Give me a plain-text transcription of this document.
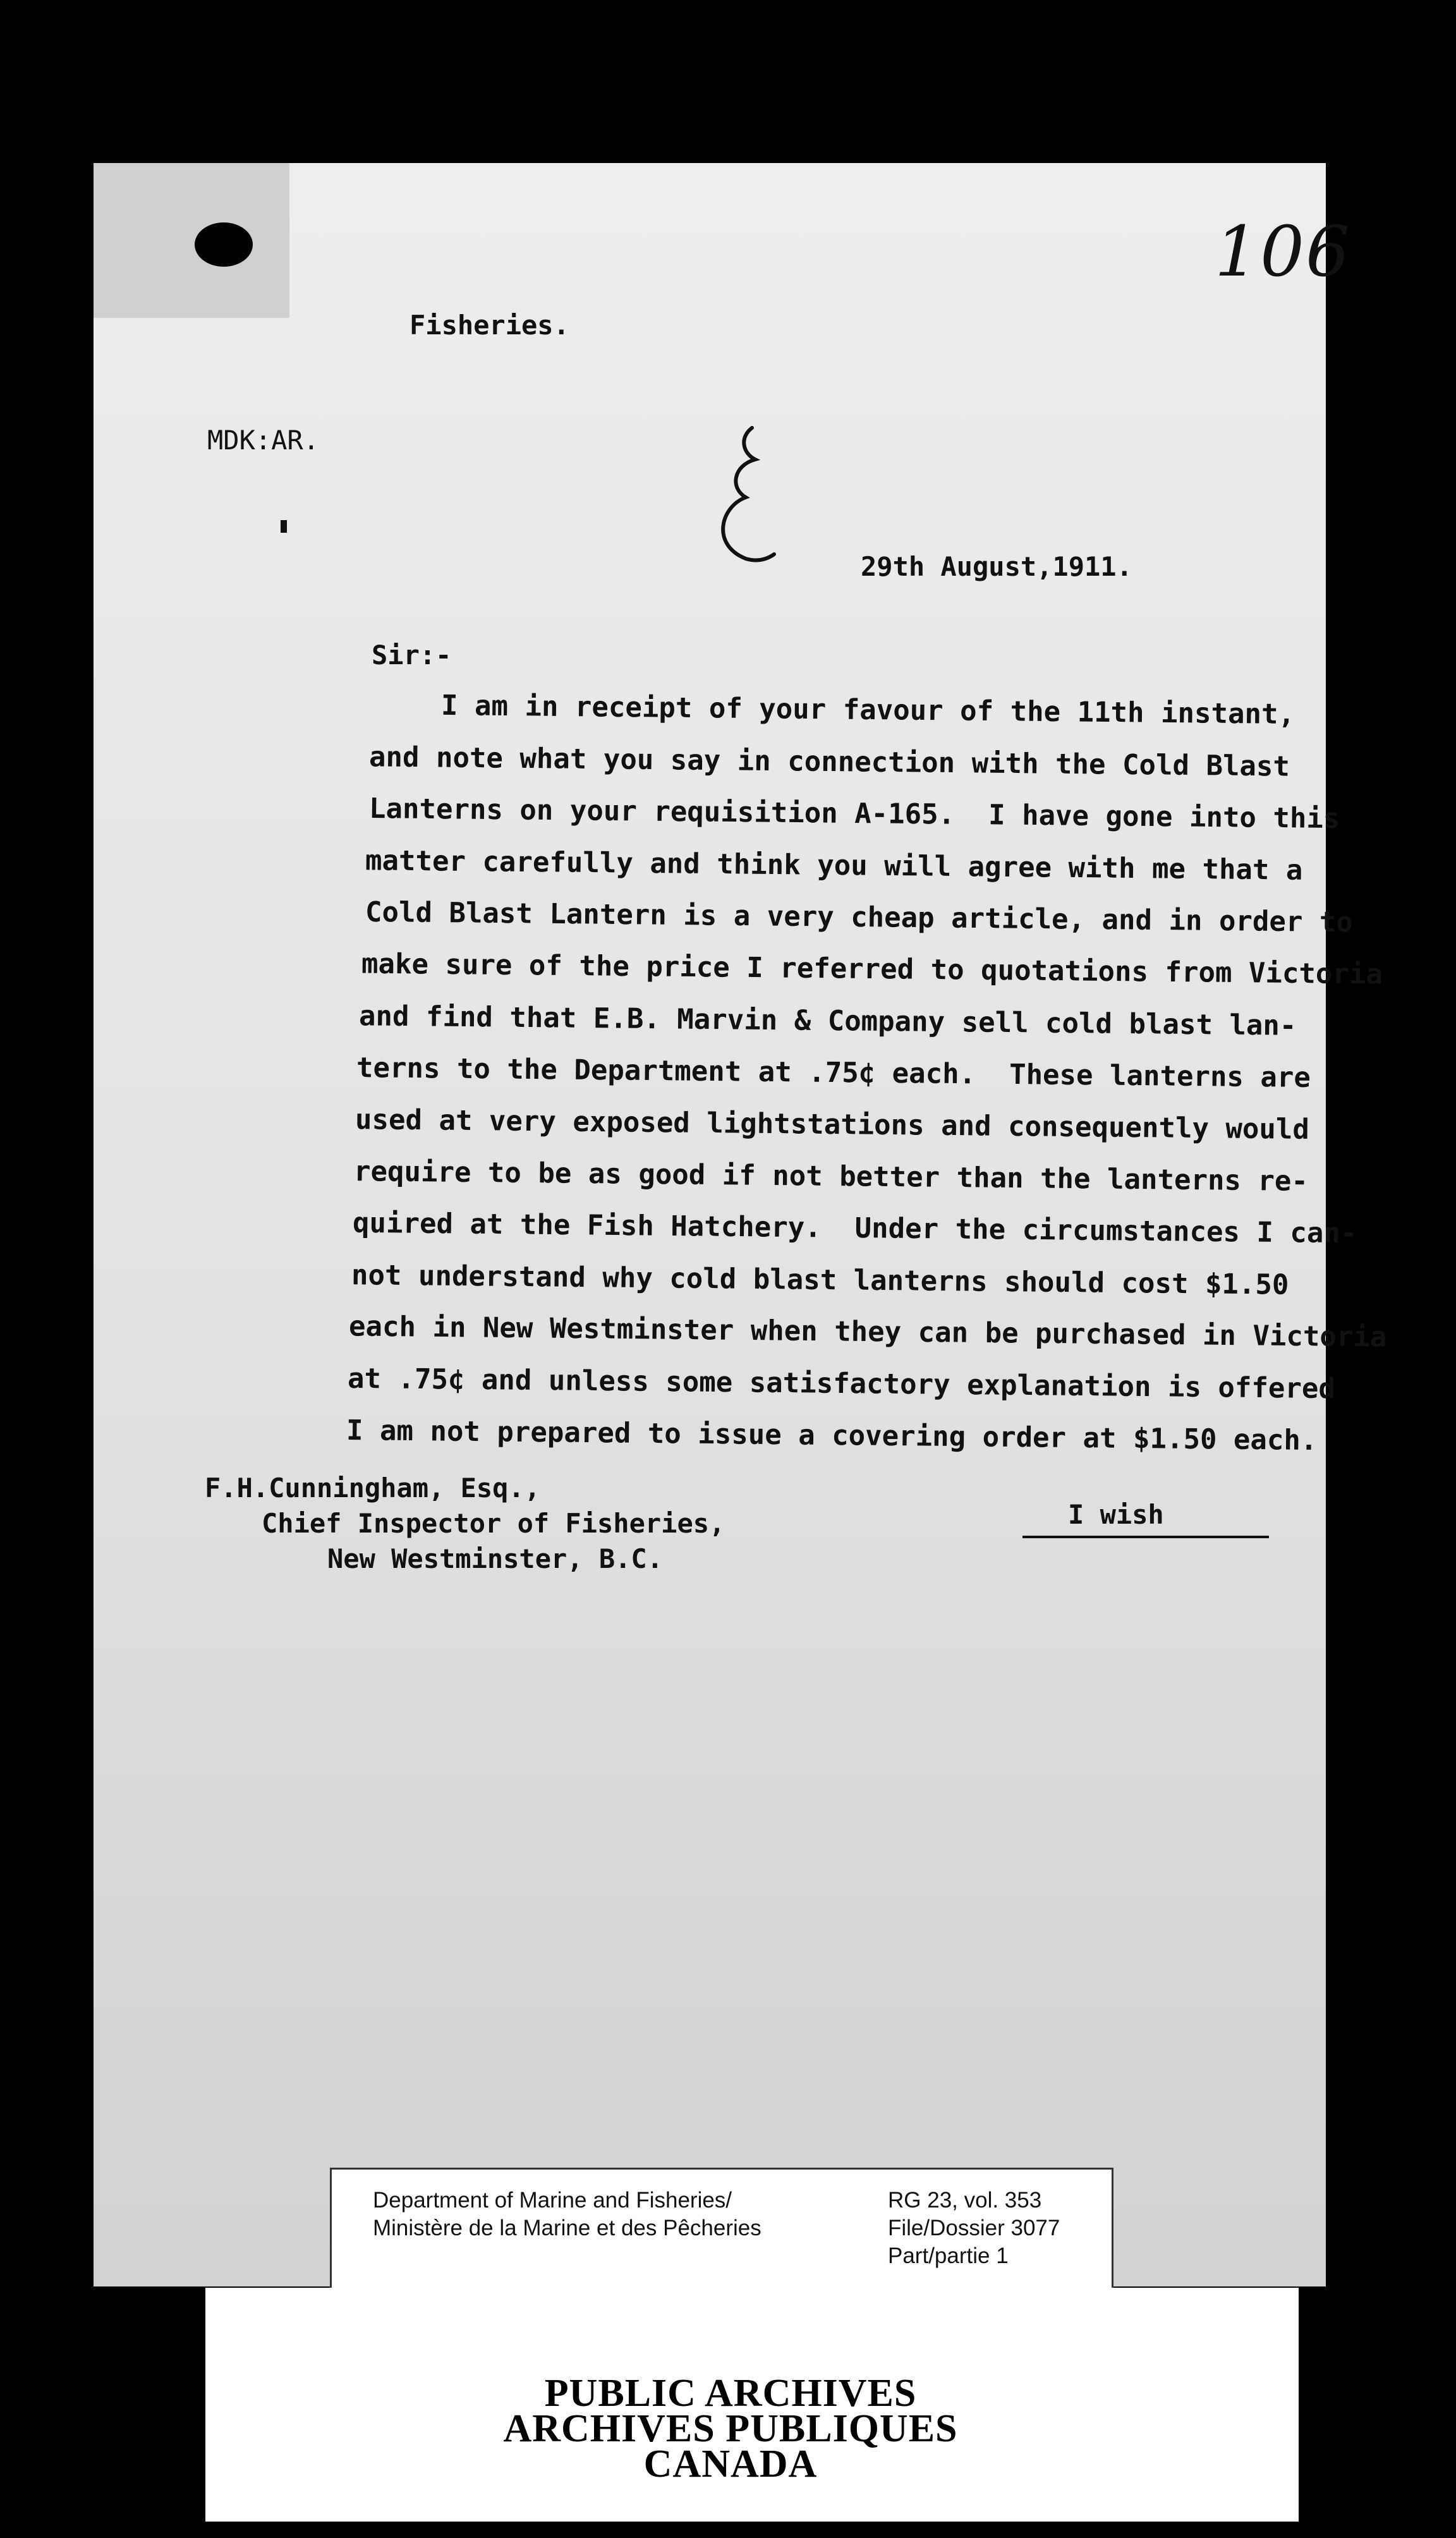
106
Fisheries.
MDK:AR.
29th August,1911.
Sir:-
I am in receipt of your favour of the 11th instant,
and note what you say in connection with the Cold Blast
Lanterns on your requisition A-165.  I have gone into this
matter carefully and think you will agree with me that a
Cold Blast Lantern is a very cheap article, and in order to
make sure of the price I referred to quotations from Victoria
and find that E.B. Marvin & Company sell cold blast lan-
terns to the Department at .75¢ each.  These lanterns are
used at very exposed lightstations and consequently would
require to be as good if not better than the lanterns re-
quired at the Fish Hatchery.  Under the circumstances I can-
not understand why cold blast lanterns should cost $1.50
each in New Westminster when they can be purchased in Victoria
at .75¢ and unless some satisfactory explanation is offered
I am not prepared to issue a covering order at $1.50 each.
F.H.Cunningham, Esq.,
Chief Inspector of Fisheries,
New Westminster, B.C.
I wish
Department of Marine and Fisheries/
Ministère de la Marine et des Pêcheries
RG 23, vol. 353
File/Dossier 3077
Part/partie 1
PUBLIC ARCHIVES
ARCHIVES PUBLIQUES
CANADA
